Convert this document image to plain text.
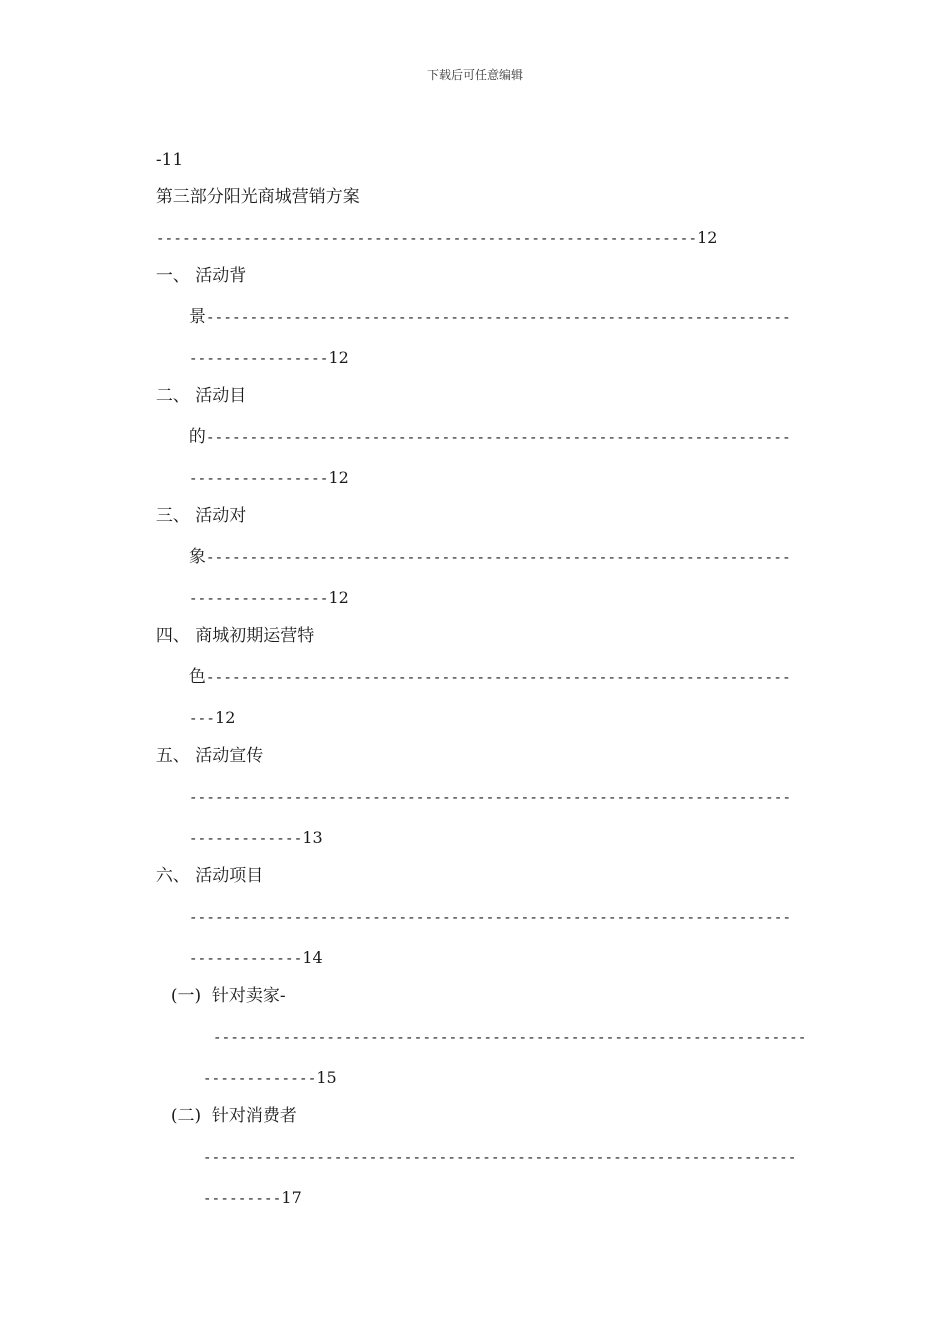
下载后可任意编辑

-11

第三部分阳光商城营销方案

--------------------------------------------------------------12

一、 活动背

景-------------------------------------------------------------------

----------------12

二、 活动目

的-------------------------------------------------------------------

----------------12

三、 活动对

象-------------------------------------------------------------------

----------------12

四、 商城初期运营特

色-------------------------------------------------------------------

---12

五、 活动宣传

---------------------------------------------------------------------

-------------13

六、 活动项目

---------------------------------------------------------------------

-------------14

(一)  针对卖家-

--------------------------------------------------------------------

-------------15

(二)  针对消费者

--------------------------------------------------------------------

---------17
